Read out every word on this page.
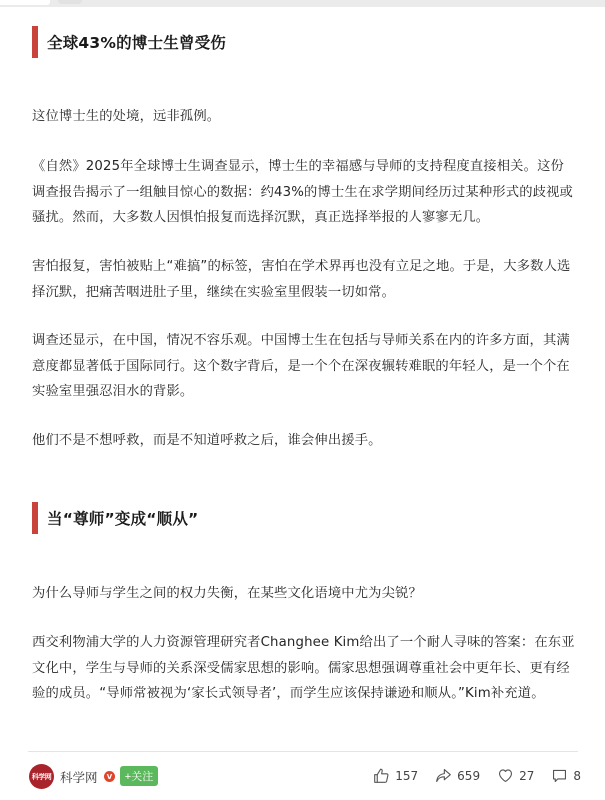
全球43%的博士生曾受伤
这位博士生的处境，远非孤例。
《自然》2025年全球博士生调查显示，博士生的幸福感与导师的支持程度直接相关。这份调查报告揭示了一组触目惊心的数据：约43%的博士生在求学期间经历过某种形式的歧视或骚扰。然而，大多数人因惧怕报复而选择沉默，真正选择举报的人寥寥无几。
害怕报复，害怕被贴上“难搞”的标签，害怕在学术界再也没有立足之地。于是，大多数人选择沉默，把痛苦咽进肚子里，继续在实验室里假装一切如常。
调查还显示，在中国，情况不容乐观。中国博士生在包括与导师关系在内的许多方面，其满意度都显著低于国际同行。这个数字背后，是一个个在深夜辗转难眠的年轻人，是一个个在实验室里强忍泪水的背影。
他们不是不想呼救，而是不知道呼救之后，谁会伸出援手。
当“尊师”变成“顺从”
为什么导师与学生之间的权力失衡，在某些文化语境中尤为尖锐？
西交利物浦大学的人力资源管理研究者Changhee Kim给出了一个耐人寻味的答案：在东亚文化中，学生与导师的关系深受儒家思想的影响。儒家思想强调尊重社会中更年长、更有经验的成员。“导师常被视为‘家长式领导者’，而学生应该保持谦逊和顺从。”Kim补充道。
科学网 科学网	V	+关注	157	659	27	8
